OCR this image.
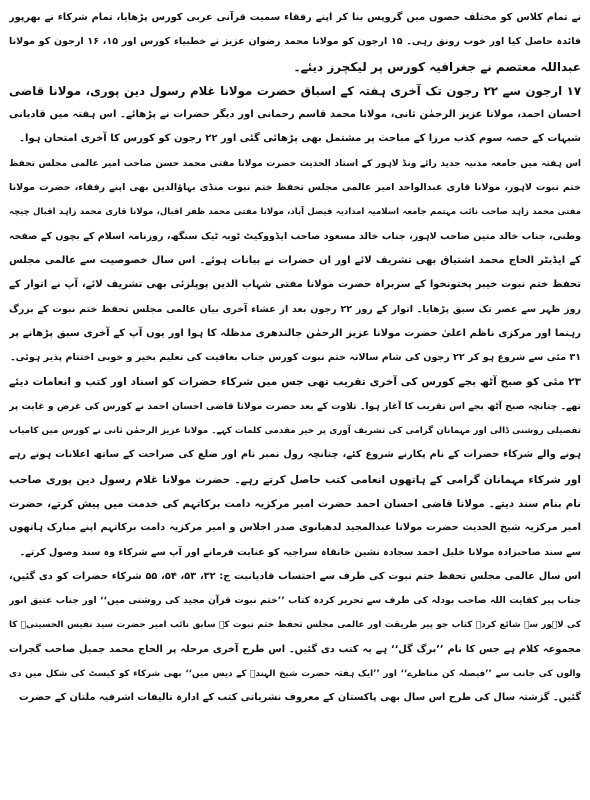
نے تمام کلاس کو مختلف حصوں میں گروپس بنا کر اپنے رفقاء سمیت قرآنی عربی کورس پڑھایا، تمام شرکاء نے بھرپور
فائدہ حاصل کیا اور خوب رونق رہی۔ ۱۵ ارجون کو مولانا محمد رضوان عزیز نے خطبیاء کورس اور ۱۵، ۱۶ ارجون کو مولانا
عبداللہ معتصم نے جغرافیہ کورس پر لیکچرز دیئے۔
۱۷ ارجون سے ۲۲ رجون تک آخری ہفتہ کے اسباق حضرت مولانا غلام رسول دین پوری، مولانا قاضی
احسان احمد، مولانا عزیز الرحمٰن ثانی، مولانا محمد قاسم رحمانی اور دیگر حضرات نے پڑھائے۔ اس ہفتہ میں قادیانی
شبہات کے حصہ سوم کذب مرزا کے مباحث پر مشتمل بھی پڑھائی گئی اور ۲۲ رجون کو کورس کا آخری امتحان ہوا۔
اس ہفتہ میں جامعہ مدنیہ جدید رائے ونڈ لاہور کے استاذ الحدیث حضرت مولانا مفتی محمد حسن صاحب امیر عالمی مجلس تحفظ
ختم نبوت لاہور، مولانا قاری عبدالواحد امیر عالمی مجلس تحفظ ختم نبوت منڈی بہاؤالدین بھی اپنے رفقاء، حضرت مولانا
مفتی محمد زاہد صاحب نائب مہتمم جامعہ اسلامیہ امدادیہ فیصل آباد، مولانا مفتی محمد ظفر اقبال، مولانا قاری محمد زاہد اقبال چیچہ
وطنی، جناب خالد متین صاحب لاہور، جناب خالد مسعود صاحب ایڈووکیٹ ٹوبہ ٹیک سنگھ، روزنامہ اسلام کے بچوں کے صفحہ
کے ایڈیٹر الحاج محمد اشتیاق بھی تشریف لائے اور ان حضرات نے بیانات ہوئے۔ اس سال خصوصیت سے عالمی مجلس
تحفظ ختم نبوت خیبر پختونخوا کے سربراہ حضرت مولانا مفتی شہاب الدین پوپلزئی بھی تشریف لائے، آپ نے اتوار کے
روز ظہر سے عصر تک سبق پڑھایا۔ اتوار کے روز ۲۲ رجون بعد از عشاء آخری بیان عالمی مجلس تحفظ ختم نبوت کے بزرگ
رہنما اور مرکزی ناظم اعلیٰ حضرت مولانا عزیز الرحمٰن جالندھری مدظلہ کا ہوا اور یوں آپ کے آخری سبق پڑھانے پر
۳۱ مئی سے شروع ہو کر ۲۲ رجون کی شام سالانہ ختم نبوت کورس جناب بعافیت کی تعلیم بخیر و خوبی اختتام پذیر ہوئی۔
۲۳ مئی کو صبح آٹھ بجے کورس کی آخری تقریب تھی جس میں شرکاء حضرات کو اسناد اور کتب و انعامات دیئے
تھے۔ چنانچہ صبح آٹھ بجے اس تقریب کا آغاز ہوا۔ تلاوت کے بعد حضرت مولانا قاضی احسان احمد نے کورس کی غرض و غایت پر
تفصیلی روشنی ڈالی اور مہمانان گرامی کی تشریف آوری پر خیر مقدمی کلمات کہے۔ مولانا عزیز الرحمٰن ثانی نے کورس میں کامیاب
ہونے والے شرکاء حضرات کے نام پکارنے شروع کئے، چنانچہ رول نمبر نام اور ضلع کی صراحت کے ساتھ اعلانات ہوتے رہے
اور شرکاء مہمانان گرامی کے ہاتھوں انعامی کتب حاصل کرتے رہے۔ حضرت مولانا غلام رسول دین پوری صاحب
نام بنام سند دیتے۔ مولانا قاضی احسان احمد حضرت امیر مرکزیہ دامت برکاتہم کی خدمت میں پیش کرتے، حضرت
امیر مرکزیہ شیخ الحدیث حضرت مولانا عبدالمجید لدھیانوی صدر اجلاس و امیر مرکزیہ دامت برکاتہم اپنے مبارک ہاتھوں
سے سند صاحبزادہ مولانا خلیل احمد سجادہ نشین خانقاہ سراجیہ کو عنایت فرماتے اور آپ سے شرکاء وہ سند وصول کرتے۔
اس سال عالمی مجلس تحفظ ختم نبوت کی طرف سے احتساب قادیانیت ج: ۳۲، ۵۳، ۵۴، ۵۵ شرکاء حضرات کو دی گئیں،
جناب پیر کفایت اللہ صاحب بودلہ کی طرف سے تحریر کردہ کتاب ’’ختم نبوت قرآن مجید کی روشنی میں‘‘ اور جناب عتیق انور
کی لاہور سے شائع کردہ کتاب جو پیر طریقت اور عالمی مجلس تحفظ ختم نبوت کے سابق نائب امیر حضرت سید نفیس الحسینیؒ کا
مجموعہ کلام ہے جس کا نام ’’برگ گل‘‘ ہے یہ کتب دی گئیں۔ اس طرح آخری مرحلہ پر الحاج محمد جمیل صاحب گجرات
والوں کی جانب سے ’’فیصلہ کن مناظرے‘‘ اور ’’ایک ہفتہ حضرت شیخ الہندؒ کے دیس میں‘‘ بھی شرکاء کو کیسٹ کی شکل میں دی
گئیں۔ گزشتہ سال کی طرح اس سال بھی پاکستان کے معروف نشریاتی کتب کے ادارہ تالیفات اشرفیہ ملتان کے حضرت
